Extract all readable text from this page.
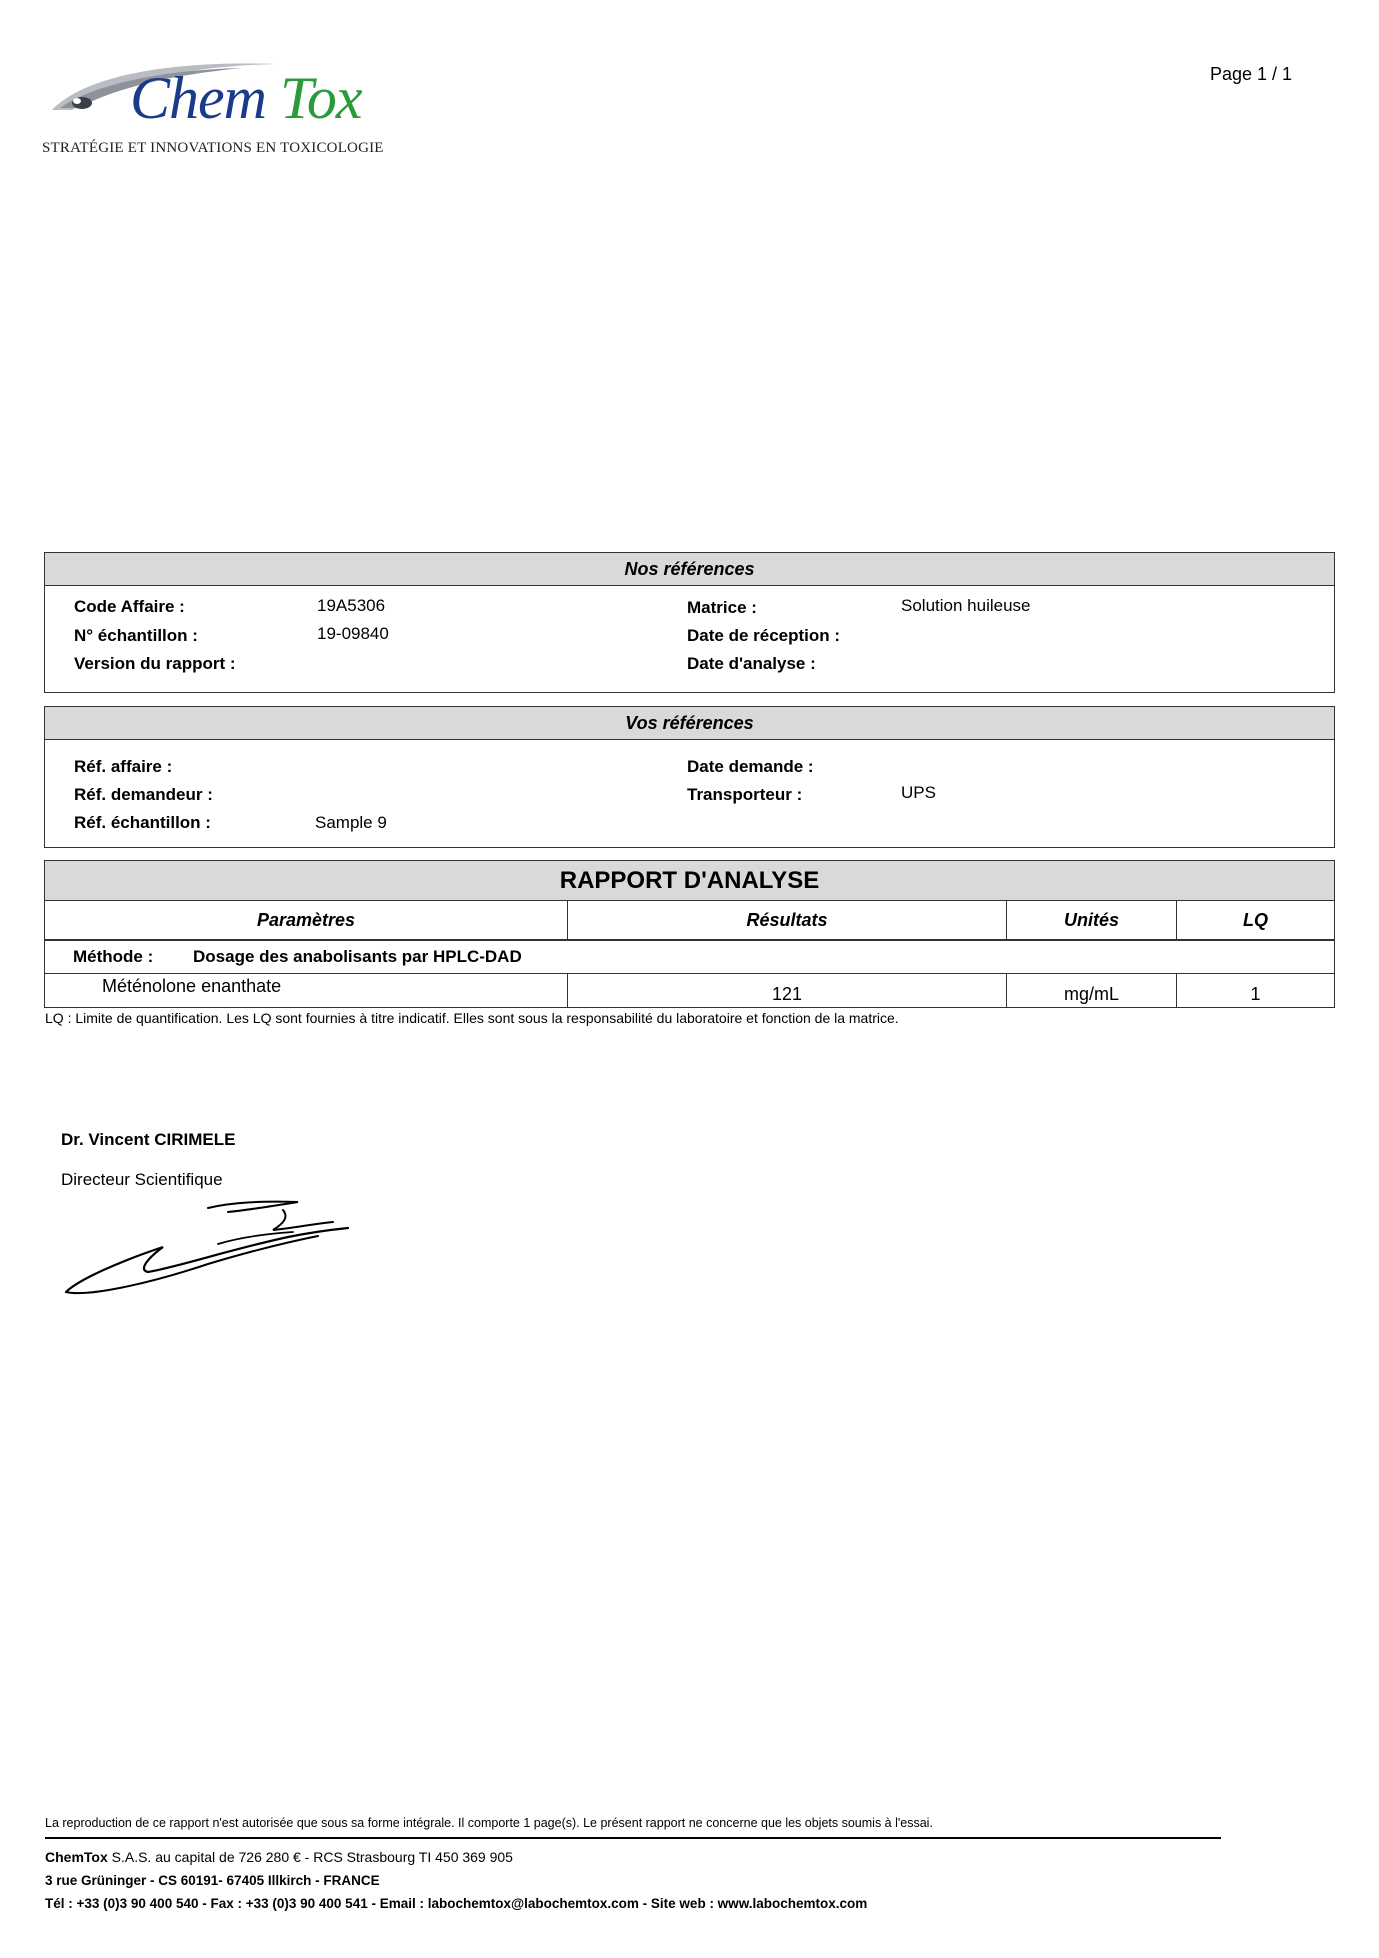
Chem Tox
STRATÉGIE ET INNOVATIONS EN TOXICOLOGIE
Page 1 / 1
Nos références
Code Affaire :	19A5306
N° échantillon :	19-09840
Version du rapport :
Matrice :	Solution huileuse
Date de réception :
Date d'analyse :
Vos références
Réf. affaire :
Réf. demandeur :
Réf. échantillon :	Sample 9
Date demande :
Transporteur :	UPS
RAPPORT D'ANALYSE
Paramètres	Résultats	Unités	LQ
Méthode : Dosage des anabolisants par HPLC-DAD
Méténolone enanthate	121	mg/mL	1
LQ : Limite de quantification. Les LQ sont fournies à titre indicatif. Elles sont sous la responsabilité du laboratoire et fonction de la matrice.
Dr. Vincent CIRIMELE
Directeur Scientifique
La reproduction de ce rapport n'est autorisée que sous sa forme intégrale. Il comporte 1 page(s). Le présent rapport ne concerne que les objets soumis à l'essai.
ChemTox S.A.S. au capital de 726 280 € - RCS Strasbourg TI 450 369 905
3 rue Grüninger - CS 60191- 67405 Illkirch - FRANCE
Tél : +33 (0)3 90 400 540 - Fax : +33 (0)3 90 400 541 - Email : labochemtox@labochemtox.com - Site web : www.labochemtox.com
